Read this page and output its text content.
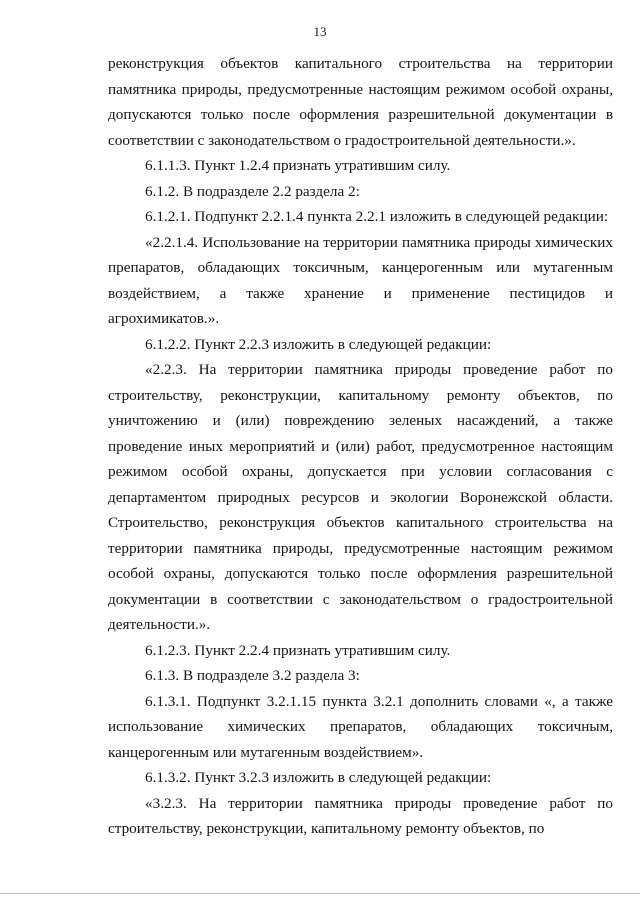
13

реконструкция объектов капитального строительства на территории памятника природы, предусмотренные настоящим режимом особой охраны, допускаются только после оформления разрешительной документации в соответствии с законодательством о градостроительной деятельности.».

6.1.1.3. Пункт 1.2.4 признать утратившим силу.

6.1.2. В подразделе 2.2 раздела 2:

6.1.2.1. Подпункт 2.2.1.4 пункта 2.2.1 изложить в следующей редакции:

«2.2.1.4. Использование на территории памятника природы химических препаратов, обладающих токсичным, канцерогенным или мутагенным воздействием, а также хранение и применение пестицидов и агрохимикатов.».

6.1.2.2. Пункт 2.2.3 изложить в следующей редакции:

«2.2.3. На территории памятника природы проведение работ по строительству, реконструкции, капитальному ремонту объектов, по уничтожению и (или) повреждению зеленых насаждений, а также проведение иных мероприятий и (или) работ, предусмотренное настоящим режимом особой охраны, допускается при условии согласования с департаментом природных ресурсов и экологии Воронежской области. Строительство, реконструкция объектов капитального строительства на территории памятника природы, предусмотренные настоящим режимом особой охраны, допускаются только после оформления разрешительной документации в соответствии с законодательством о градостроительной деятельности.».

6.1.2.3. Пункт 2.2.4 признать утратившим силу.

6.1.3. В подразделе 3.2 раздела 3:

6.1.3.1. Подпункт 3.2.1.15 пункта 3.2.1 дополнить словами «, а также использование химических препаратов, обладающих токсичным, канцерогенным или мутагенным воздействием».

6.1.3.2. Пункт 3.2.3 изложить в следующей редакции:

«3.2.3. На территории памятника природы проведение работ по строительству, реконструкции, капитальному ремонту объектов, по
